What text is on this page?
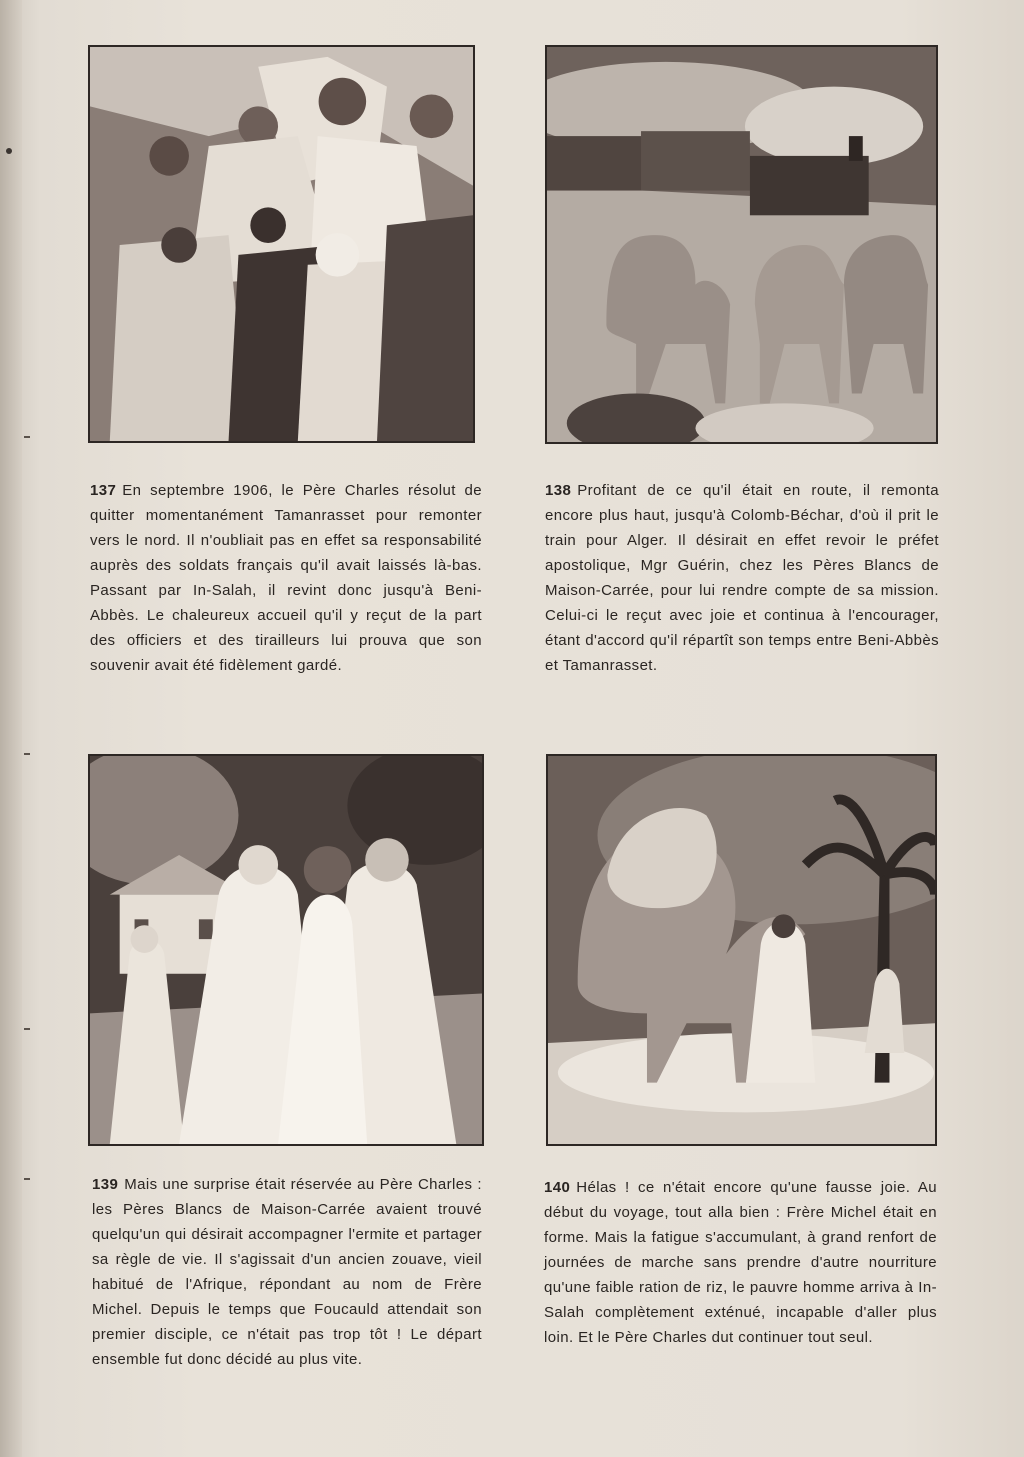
137 En septembre 1906, le Père Charles résolut de quitter momentanément Tamanrasset pour remonter vers le nord. Il n'oubliait pas en effet sa responsabilité auprès des soldats français qu'il avait laissés là-bas. Passant par In-Salah, il revint donc jusqu'à Beni-Abbès. Le chaleureux accueil qu'il y reçut de la part des officiers et des tirailleurs lui prouva que son souvenir avait été fidèlement gardé.
138 Profitant de ce qu'il était en route, il remonta encore plus haut, jusqu'à Colomb-Béchar, d'où il prit le train pour Alger. Il désirait en effet revoir le préfet apostolique, Mgr Guérin, chez les Pères Blancs de Maison-Carrée, pour lui rendre compte de sa mission. Celui-ci le reçut avec joie et continua à l'encourager, étant d'accord qu'il répartît son temps entre Beni-Abbès et Tamanrasset.
139 Mais une surprise était réservée au Père Charles : les Pères Blancs de Maison-Carrée avaient trouvé quelqu'un qui désirait accompagner l'ermite et partager sa règle de vie. Il s'agissait d'un ancien zouave, vieil habitué de l'Afrique, répondant au nom de Frère Michel. Depuis le temps que Foucauld attendait son premier disciple, ce n'était pas trop tôt ! Le départ ensemble fut donc décidé au plus vite.
140 Hélas ! ce n'était encore qu'une fausse joie. Au début du voyage, tout alla bien : Frère Michel était en forme. Mais la fatigue s'accumulant, à grand renfort de journées de marche sans prendre d'autre nourriture qu'une faible ration de riz, le pauvre homme arriva à In-Salah complètement exténué, incapable d'aller plus loin. Et le Père Charles dut continuer tout seul.
